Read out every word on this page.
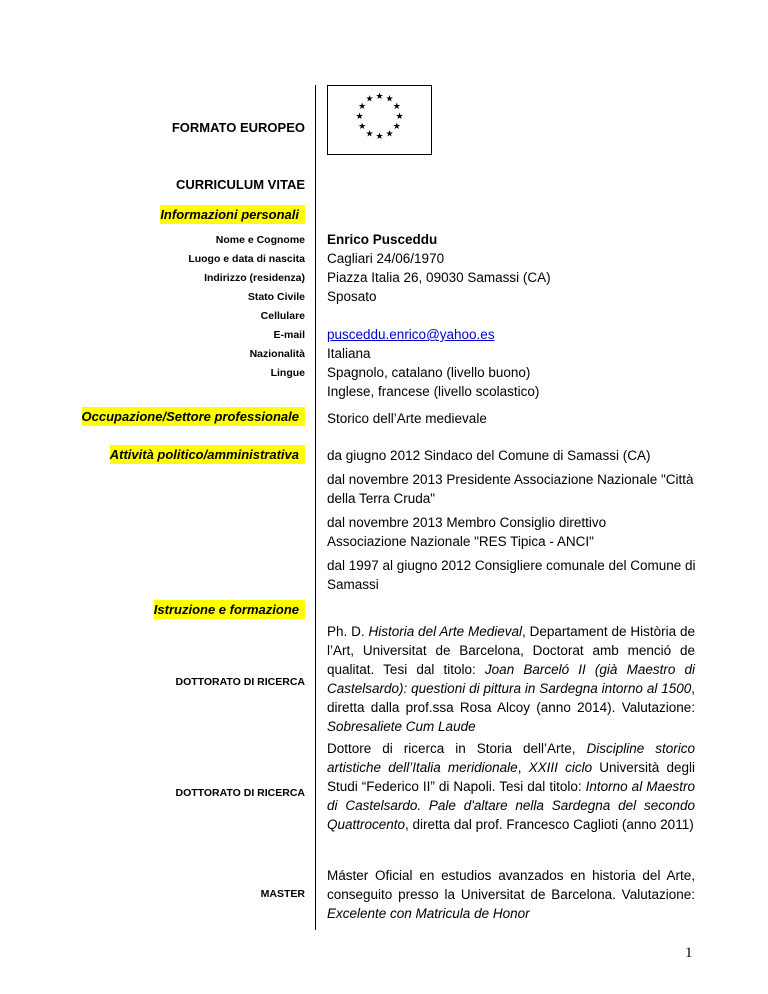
FORMATO EUROPEO
CURRICULUM VITAE
★ ★
★
★
★
★
★
★
★
★
★
★
Informazioni personali
Nome e Cognome
Luogo e data di nascita
Indirizzo (residenza)
Stato Civile
Cellulare
E-mail
Nazionalità
Lingue
Enrico Pusceddu
Cagliari 24/06/1970
Piazza Italia 26, 09030 Samassi (CA)
Sposato
pusceddu.enrico@yahoo.es
Italiana
Spagnolo, catalano (livello buono)
Inglese, francese (livello scolastico)
Occupazione/Settore professionale	Storico dell’Arte medievale
Attività politico/amministrativa	da giugno 2012 Sindaco del Comune di Samassi (CA)
dal novembre 2013 Presidente Associazione Nazionale "Città della Terra Cruda"
dal novembre 2013 Membro Consiglio direttivo Associazione Nazionale "RES Tipica - ANCI"
dal 1997 al giugno 2012 Consigliere comunale del Comune di Samassi
Istruzione e formazione
DOTTORATO DI RICERCA
Ph. D. Historia del Arte Medieval, Departament de Història de l’Art, Universitat de Barcelona, Doctorat amb menció de qualitat. Tesi dal titolo: Joan Barceló II (già Maestro di Castelsardo): questioni di pittura in Sardegna intorno al 1500, diretta dalla prof.ssa Rosa Alcoy (anno 2014). Valutazione: Sobresaliete Cum Laude
DOTTORATO DI RICERCA
Dottore di ricerca in Storia dell’Arte, Discipline storico artistiche dell’Italia meridionale, XXIII ciclo Università degli Studi “Federico II” di Napoli. Tesi dal titolo: Intorno al Maestro di Castelsardo. Pale d'altare nella Sardegna del secondo Quattrocento, diretta dal prof. Francesco Caglioti (anno 2011)
MASTER
Máster Oficial en estudios avanzados en historia del Arte, conseguito presso la Universitat de Barcelona. Valutazione: Excelente con Matricula de Honor
1
